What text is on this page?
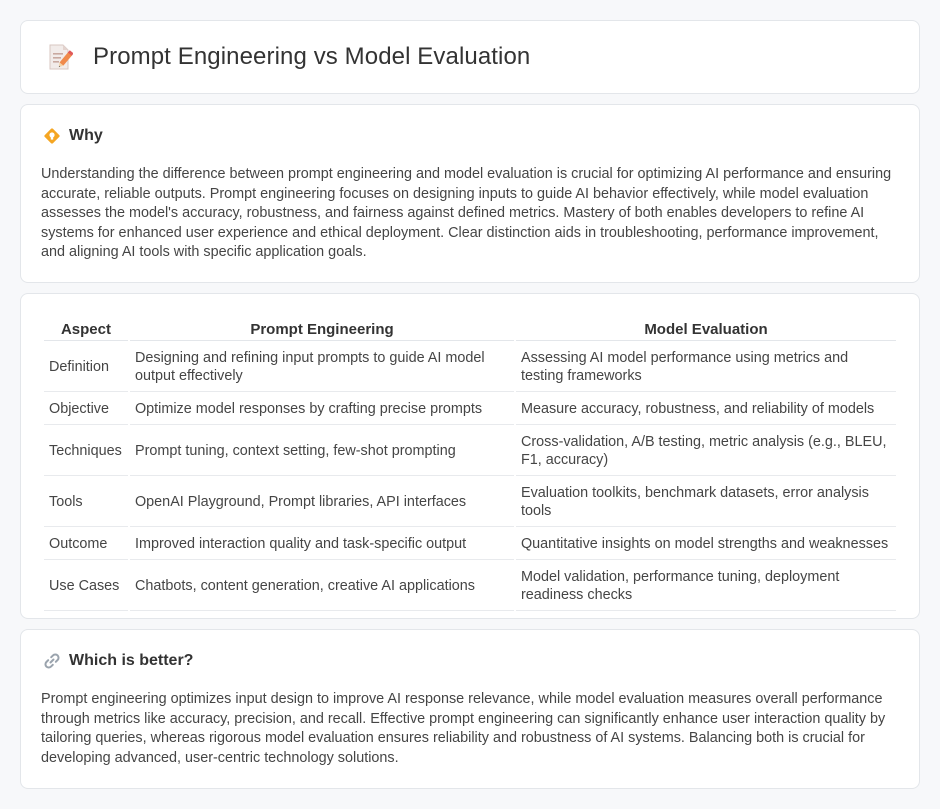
Prompt Engineering vs Model Evaluation
Why

Understanding the difference between prompt engineering and model evaluation is crucial for optimizing AI performance and ensuring accurate, reliable outputs. Prompt engineering focuses on designing inputs to guide AI behavior effectively, while model evaluation assesses the model's accuracy, robustness, and fairness against defined metrics. Mastery of both enables developers to refine AI systems for enhanced user experience and ethical deployment. Clear distinction aids in troubleshooting, performance improvement, and aligning AI tools with specific application goals.

Aspect	Prompt Engineering	Model Evaluation
Definition	Designing and refining input prompts to guide AI model output effectively	Assessing AI model performance using metrics and testing frameworks
Objective	Optimize model responses by crafting precise prompts	Measure accuracy, robustness, and reliability of models
Techniques	Prompt tuning, context setting, few-shot prompting	Cross-validation, A/B testing, metric analysis (e.g., BLEU, F1, accuracy)
Tools	OpenAI Playground, Prompt libraries, API interfaces	Evaluation toolkits, benchmark datasets, error analysis tools
Outcome	Improved interaction quality and task-specific output	Quantitative insights on model strengths and weaknesses
Use Cases	Chatbots, content generation, creative AI applications	Model validation, performance tuning, deployment readiness checks
Which is better?

Prompt engineering optimizes input design to improve AI response relevance, while model evaluation measures overall performance through metrics like accuracy, precision, and recall. Effective prompt engineering can significantly enhance user interaction quality by tailoring queries, whereas rigorous model evaluation ensures reliability and robustness of AI systems. Balancing both is crucial for developing advanced, user-centric technology solutions.
